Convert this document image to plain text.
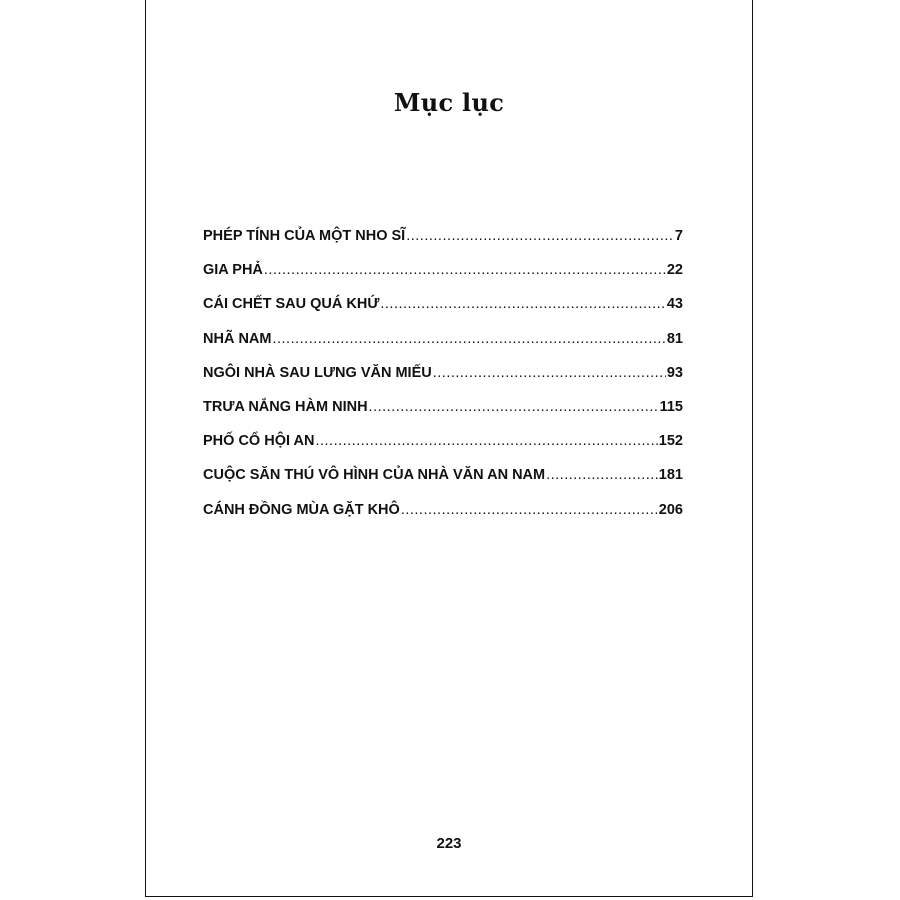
Mục lục
PHÉP TÍNH CỦA MỘT NHO SĨ .....	7
GIA PHẢ .....	22
CÁI CHẾT SAU QUÁ KHỨ .....	43
NHÃ NAM .....	81
NGÔI NHÀ SAU LƯNG VĂN MIẾU .....	93
TRƯA NẮNG HÀM NINH .....	115
PHỐ CỔ HỘI AN .....	152
CUỘC SĂN THÚ VÔ HÌNH CỦA NHÀ VĂN AN NAM .....	181
CÁNH ĐỒNG MÙA GẶT KHÔ .....	206
223
